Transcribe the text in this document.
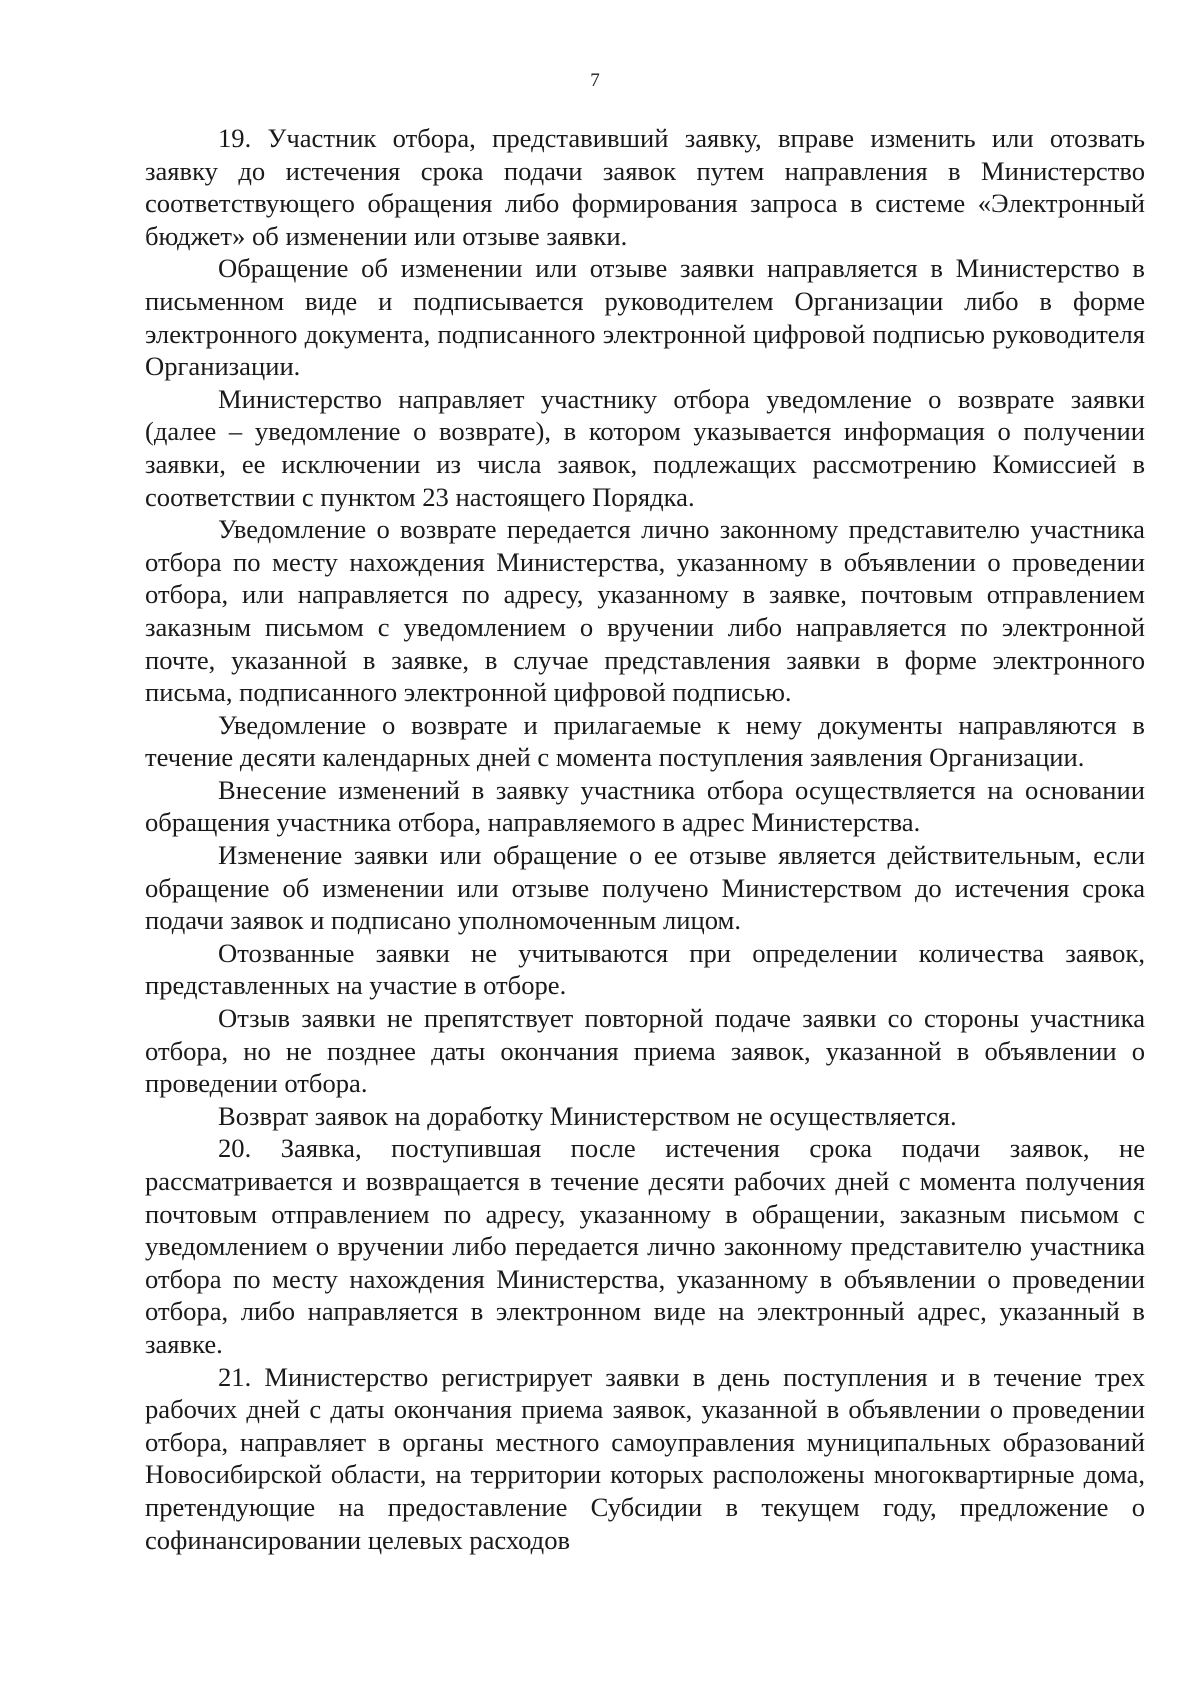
7

19. Участник отбора, представивший заявку, вправе изменить или отозвать заявку до истечения срока подачи заявок путем направления в Министерство соответствующего обращения либо формирования запроса в системе «Электронный бюджет» об изменении или отзыве заявки.

Обращение об изменении или отзыве заявки направляется в Министерство в письменном виде и подписывается руководителем Организации либо в форме электронного документа, подписанного электронной цифровой подписью руководителя Организации.

Министерство направляет участнику отбора уведомление о возврате заявки (далее – уведомление о возврате), в котором указывается информация о получении заявки, ее исключении из числа заявок, подлежащих рассмотрению Комиссией в соответствии с пунктом 23 настоящего Порядка.

Уведомление о возврате передается лично законному представителю участника отбора по месту нахождения Министерства, указанному в объявлении о проведении отбора, или направляется по адресу, указанному в заявке, почтовым отправлением заказным письмом с уведомлением о вручении либо направляется по электронной почте, указанной в заявке, в случае представления заявки в форме электронного письма, подписанного электронной цифровой подписью.

Уведомление о возврате и прилагаемые к нему документы направляются в течение десяти календарных дней с момента поступления заявления Организации.

Внесение изменений в заявку участника отбора осуществляется на основании обращения участника отбора, направляемого в адрес Министерства.

Изменение заявки или обращение о ее отзыве является действительным, если обращение об изменении или отзыве получено Министерством до истечения срока подачи заявок и подписано уполномоченным лицом.

Отозванные заявки не учитываются при определении количества заявок, представленных на участие в отборе.

Отзыв заявки не препятствует повторной подаче заявки со стороны участника отбора, но не позднее даты окончания приема заявок, указанной в объявлении о проведении отбора.

Возврат заявок на доработку Министерством не осуществляется.

20. Заявка, поступившая после истечения срока подачи заявок, не рассматривается и возвращается в течение десяти рабочих дней с момента получения почтовым отправлением по адресу, указанному в обращении, заказным письмом с уведомлением о вручении либо передается лично законному представителю участника отбора по месту нахождения Министерства, указанному в объявлении о проведении отбора, либо направляется в электронном виде на электронный адрес, указанный в заявке.

21. Министерство регистрирует заявки в день поступления и в течение трех рабочих дней с даты окончания приема заявок, указанной в объявлении о проведении отбора, направляет в органы местного самоуправления муниципальных образований Новосибирской области, на территории которых расположены многоквартирные дома, претендующие на предоставление Субсидии в текущем году, предложение о софинансировании целевых расходов
